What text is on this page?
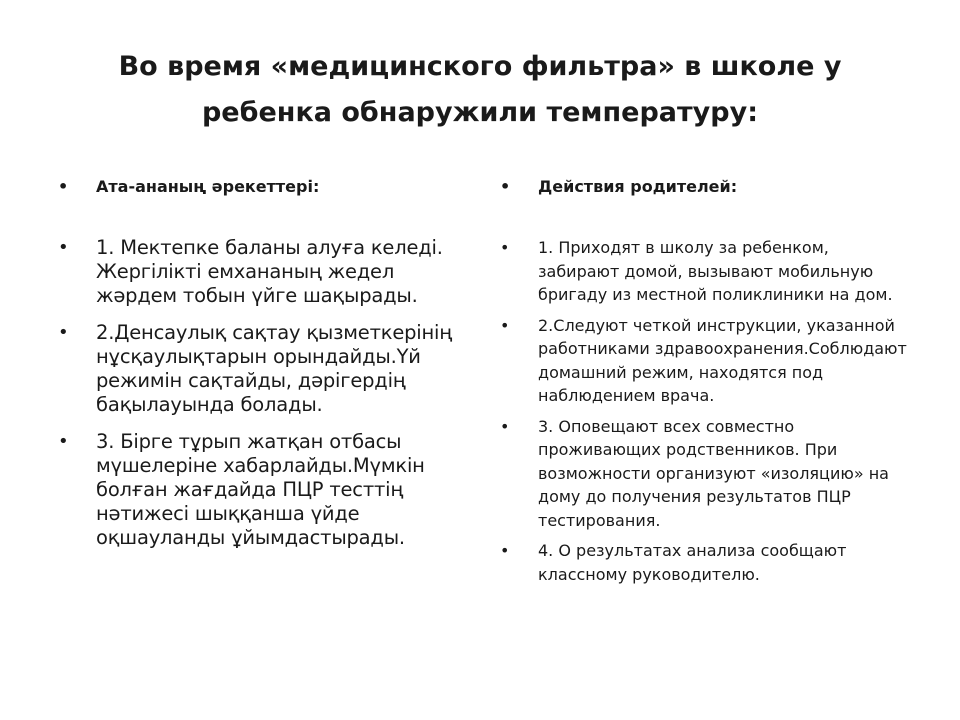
Во время «медицинского фильтра» в школе у ребенка обнаружили температуру:
• Ата-ананың әрекеттері:
• 1. Мектепке баланы алуға келеді. Жергілікті емхананың жедел жәрдем тобын үйге шақырады.
• 2.Денсаулық сақтау қызметкерінің нұсқаулықтарын орындайды.Үй режимін сақтайды, дәрігердің бақылауында болады.
• 3. Бірге тұрып жатқан отбасы мүшелеріне хабарлайды.Мүмкін болған жағдайда ПЦР тесттің нәтижесі шыққанша үйде оқшауланды ұйымдастырады.
• Действия родителей:
• 1. Приходят в школу за ребенком, забирают домой, вызывают мобильную бригаду из местной поликлиники на дом.
• 2.Следуют четкой инструкции, указанной работниками здравоохранения.Соблюдают домашний режим, находятся под наблюдением врача.
• 3. Оповещают всех совместно проживающих родственников. При возможности организуют «изоляцию» на дому до получения результатов ПЦР тестирования.
• 4. О результатах анализа сообщают классному руководителю.
